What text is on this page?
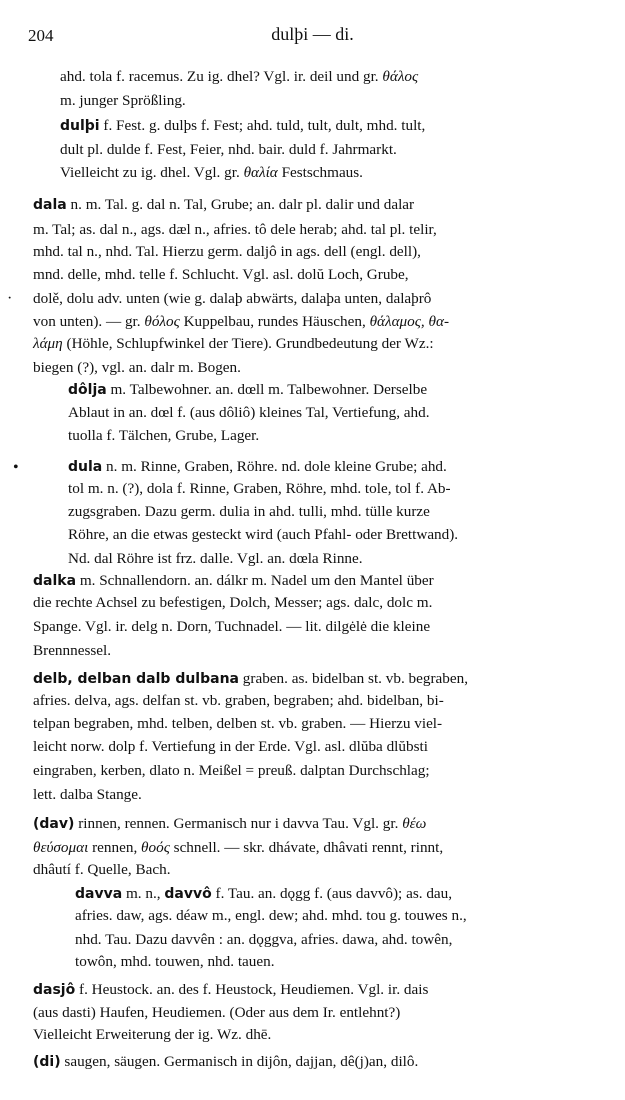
204	dulþi — di.
ahd. tola f. racemus. Zu ig. dhel? Vgl. ir. deil und gr. θάλος
m. junger Sprößling.
dulþi f. Fest. g. dulþs f. Fest; ahd. tuld, tult, dult, mhd. tult,
dult pl. dulde f. Fest, Feier, nhd. bair. duld f. Jahrmarkt.
Vielleicht zu ig. dhel. Vgl. gr. θαλία Festschmaus.
dala n. m. Tal. g. dal n. Tal, Grube; an. dalr pl. dalir und dalar
m. Tal; as. dal n., ags. dæl n., afries. tô dele herab; ahd. tal pl. telir,
mhd. tal n., nhd. Tal. Hierzu germ. daljô in ags. dell (engl. dell),
mnd. delle, mhd. telle f. Schlucht. Vgl. asl. dolŭ Loch, Grube,
dolě, dolu adv. unten (wie g. dalaþ abwärts, dalaþa unten, dalaþrô
von unten). — gr. θόλος Kuppelbau, rundes Häuschen, θάλαμος, θα-
λάμη (Höhle, Schlupfwinkel der Tiere). Grundbedeutung der Wz.:
biegen (?), vgl. an. dalr m. Bogen.
dôlja m. Talbewohner. an. dœll m. Talbewohner. Derselbe
Ablaut in an. dœl f. (aus dôliô) kleines Tal, Vertiefung, ahd.
tuolla f. Tälchen, Grube, Lager.
dula n. m. Rinne, Graben, Röhre. nd. dole kleine Grube; ahd.
tol m. n. (?), dola f. Rinne, Graben, Röhre, mhd. tole, tol f. Ab-
zugsgraben. Dazu germ. dulia in ahd. tulli, mhd. tülle kurze
Röhre, an die etwas gesteckt wird (auch Pfahl- oder Brettwand).
Nd. dal Röhre ist frz. dalle. Vgl. an. dœla Rinne.
dalka m. Schnallendorn. an. dálkr m. Nadel um den Mantel über
die rechte Achsel zu befestigen, Dolch, Messer; ags. dalc, dolc m.
Spange. Vgl. ir. delg n. Dorn, Tuchnadel. — lit. dilgėlė die kleine
Brennnessel.
delb, delban dalb dulbana graben. as. bidelban st. vb. begraben,
afries. delva, ags. delfan st. vb. graben, begraben; ahd. bidelban, bi-
telpan begraben, mhd. telben, delben st. vb. graben. — Hierzu viel-
leicht norw. dolp f. Vertiefung in der Erde. Vgl. asl. dlŭba dlŭbsti
eingraben, kerben, dlato n. Meißel = preuß. dalptan Durchschlag;
lett. dalba Stange.
(dav) rinnen, rennen. Germanisch nur i davva Tau. Vgl. gr. θέω
θεύσομαι rennen, θοός schnell. — skr. dhávate, dhâvati rennt, rinnt,
dhâutí f. Quelle, Bach.
davva m. n., davvô f. Tau. an. dǫgg f. (aus davvô); as. dau,
afries. daw, ags. déaw m., engl. dew; ahd. mhd. tou g. touwes n.,
nhd. Tau. Dazu davvên : an. dǫggva, afries. dawa, ahd. towên,
towôn, mhd. touwen, nhd. tauen.
dasjô f. Heustock. an. des f. Heustock, Heudiemen. Vgl. ir. dais
(aus dasti) Haufen, Heudiemen. (Oder aus dem Ir. entlehnt?)
Vielleicht Erweiterung der ig. Wz. dhē.
(di) saugen, säugen. Germanisch in dijôn, dajjan, dê(j)an, dilô.
·
•
